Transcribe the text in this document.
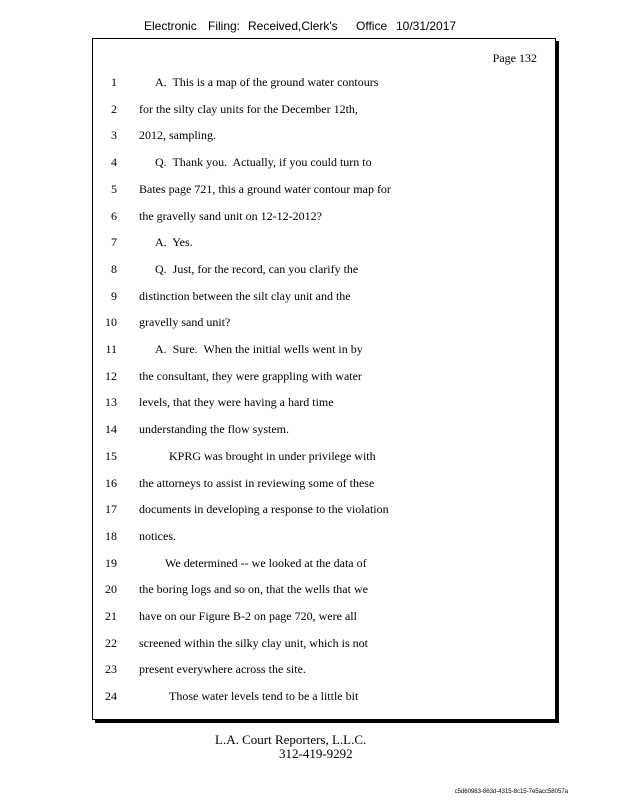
Electronic Filing: Received,Clerk's Office 10/31/2017
Page 132
1	A.  This is a map of the ground water contours
2 for the silty clay units for the December 12th,
3 2012, sampling.
4	Q.  Thank you.  Actually, if you could turn to
5 Bates page 721, this a ground water contour map for
6 the gravelly sand unit on 12-12-2012?
7	A.  Yes.
8	Q.  Just, for the record, can you clarify the
9 distinction between the silt clay unit and the
10 gravelly sand unit?
11	A.  Sure.  When the initial wells went in by
12 the consultant, they were grappling with water
13 levels, that they were having a hard time
14 understanding the flow system.
15	KPRG was brought in under privilege with
16 the attorneys to assist in reviewing some of these
17 documents in developing a response to the violation
18 notices.
19	We determined -- we looked at the data of
20 the boring logs and so on, that the wells that we
21 have on our Figure B-2 on page 720, were all
22 screened within the silky clay unit, which is not
23 present everywhere across the site.
24	Those water levels tend to be a little bit
L.A. Court Reporters, L.L.C.
312-419-9292
c5d60983-863d-4315-8c15-7e5acc58057a
